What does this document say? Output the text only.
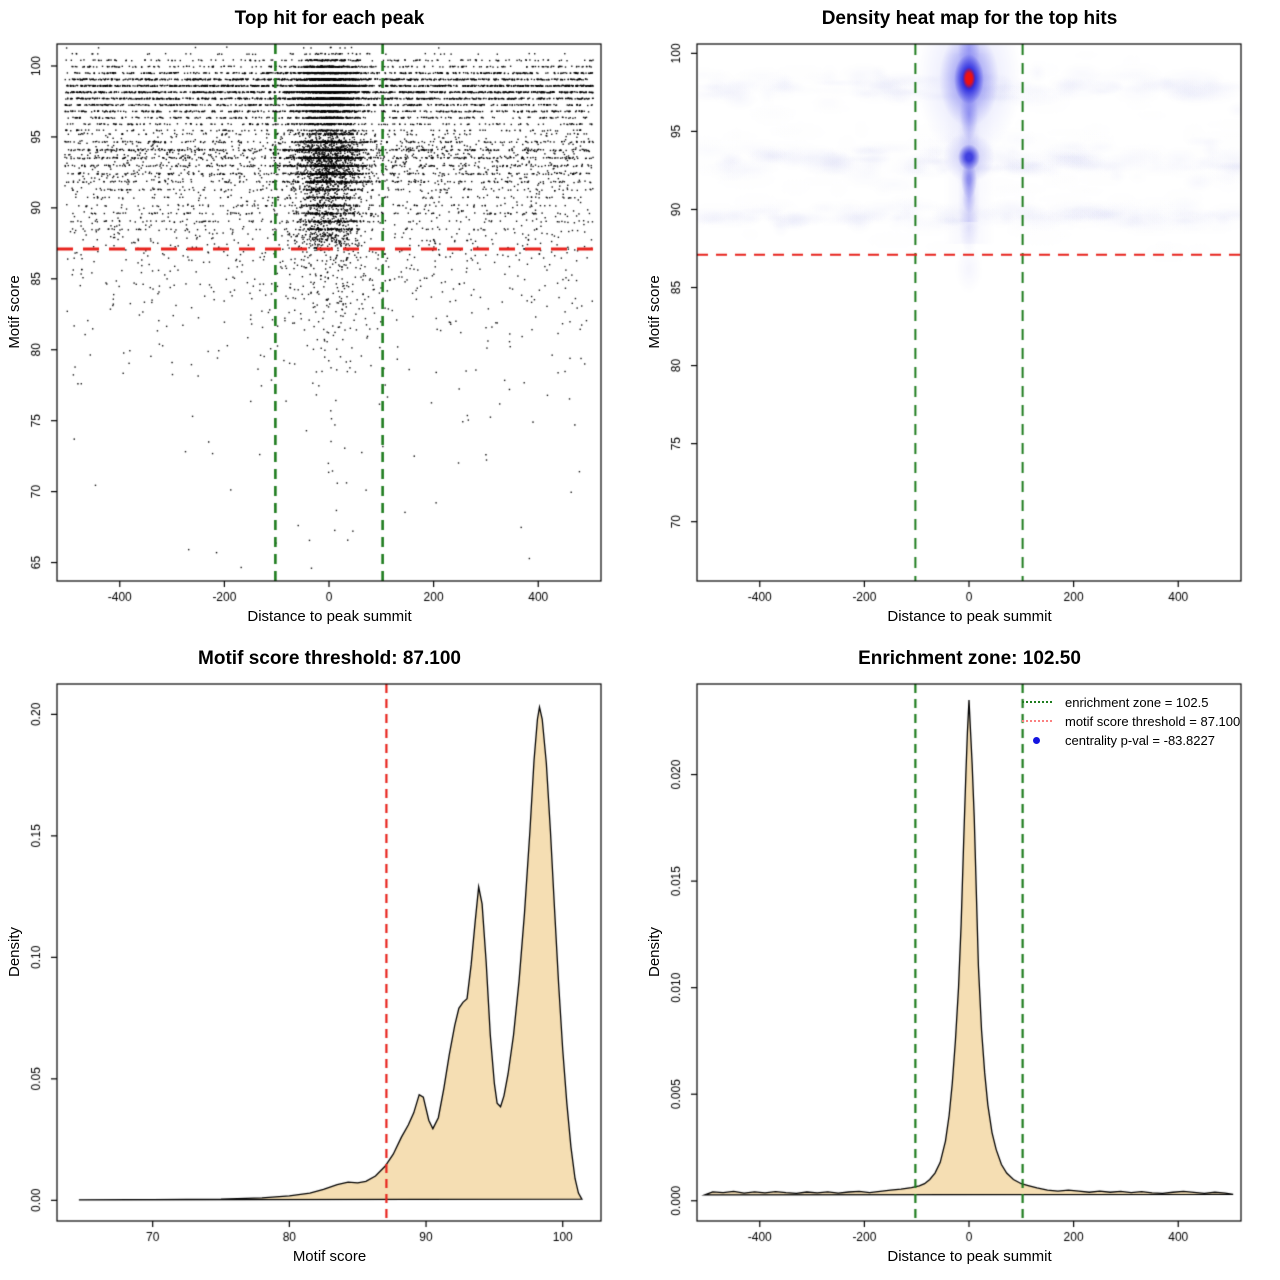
Top hit for each peak
Distance to peak summit
Motif score
Density heat map for the top hits
Distance to peak summit
Motif score
Motif score threshold: 87.100
Motif score
Density
Enrichment zone: 102.50
Distance to peak summit
Density
enrichment zone = 102.5
motif score threshold = 87.100
centrality p-val = -83.8227
